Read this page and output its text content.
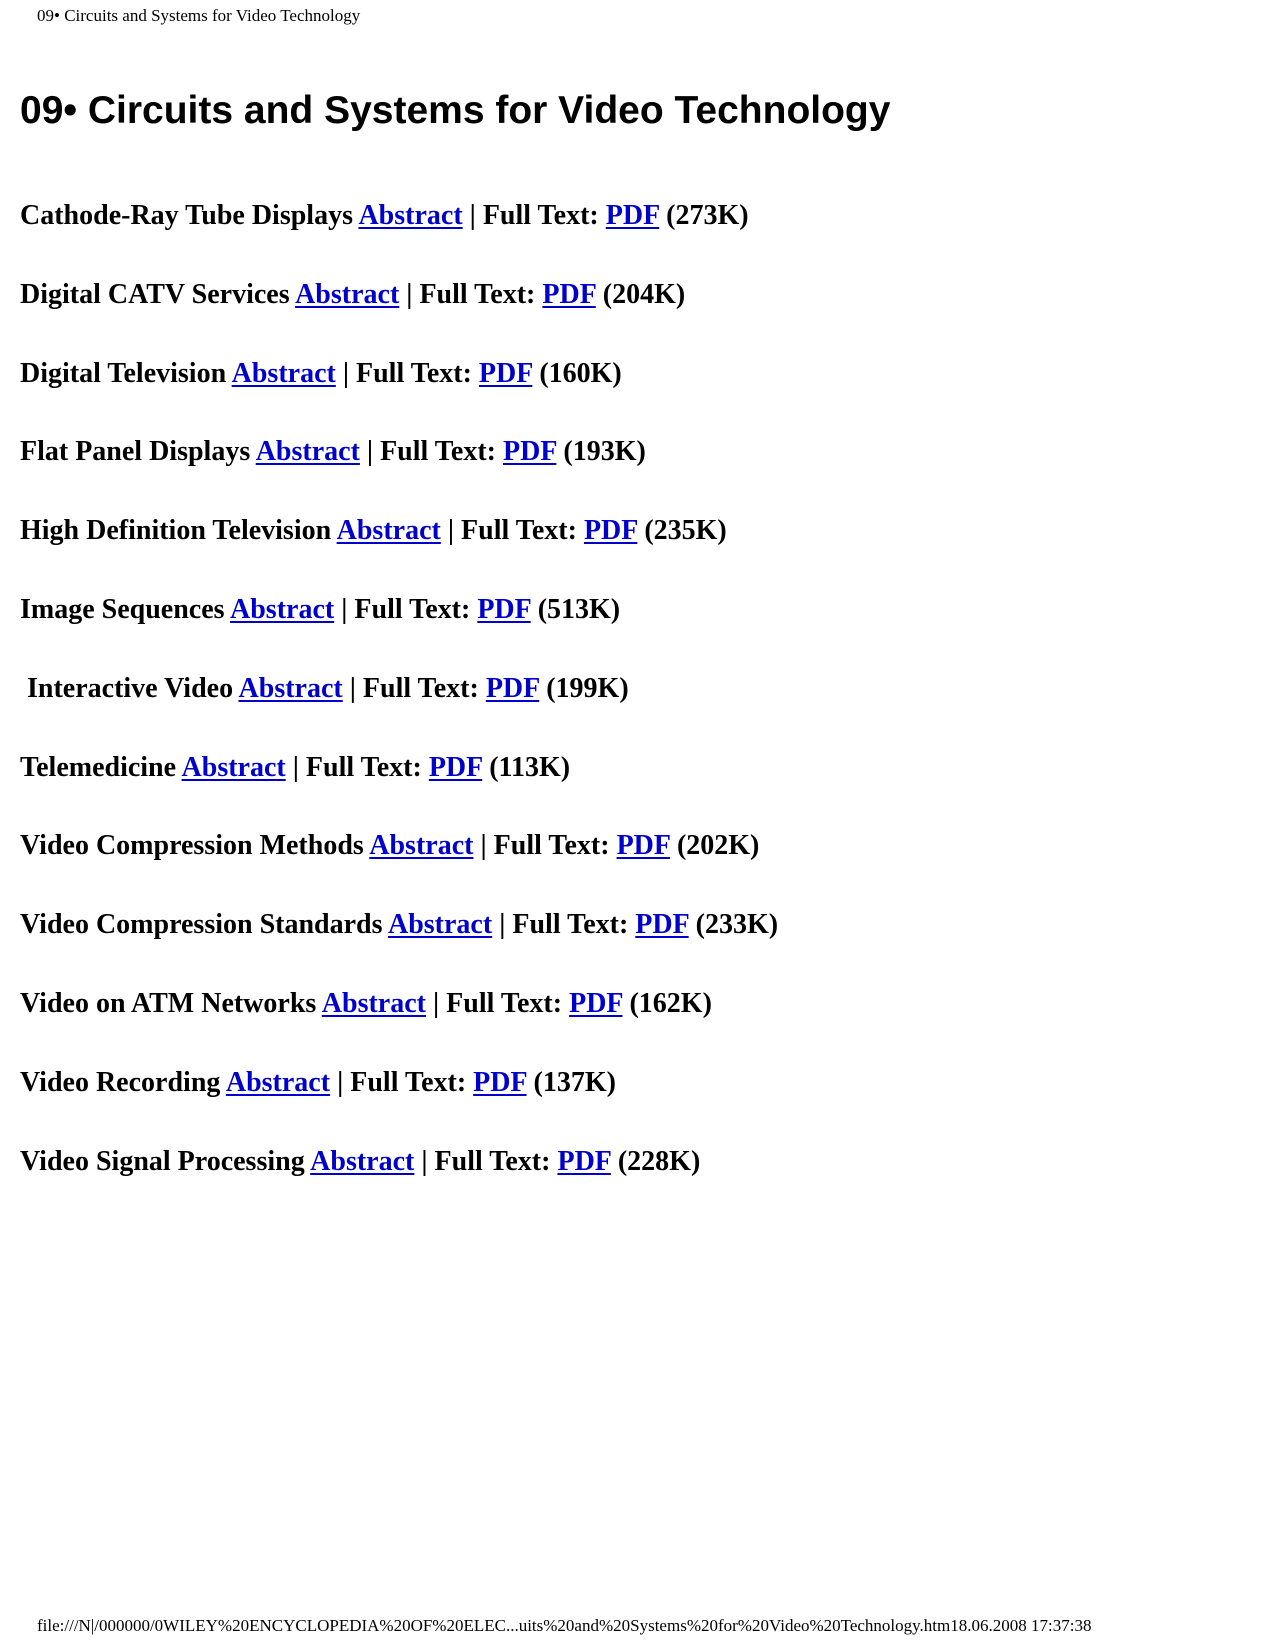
09• Circuits and Systems for Video Technology
09• Circuits and Systems for Video Technology
Cathode-Ray Tube Displays Abstract | Full Text: PDF (273K)
Digital CATV Services Abstract | Full Text: PDF (204K)
Digital Television Abstract | Full Text: PDF (160K)
Flat Panel Displays Abstract | Full Text: PDF (193K)
High Definition Television Abstract | Full Text: PDF (235K)
Image Sequences Abstract | Full Text: PDF (513K)
Interactive Video Abstract | Full Text: PDF (199K)
Telemedicine Abstract | Full Text: PDF (113K)
Video Compression Methods Abstract | Full Text: PDF (202K)
Video Compression Standards Abstract | Full Text: PDF (233K)
Video on ATM Networks Abstract | Full Text: PDF (162K)
Video Recording Abstract | Full Text: PDF (137K)
Video Signal Processing Abstract | Full Text: PDF (228K)
file:///N|/000000/0WILEY%20ENCYCLOPEDIA%20OF%20ELEC...uits%20and%20Systems%20for%20Video%20Technology.htm18.06.2008 17:37:38
